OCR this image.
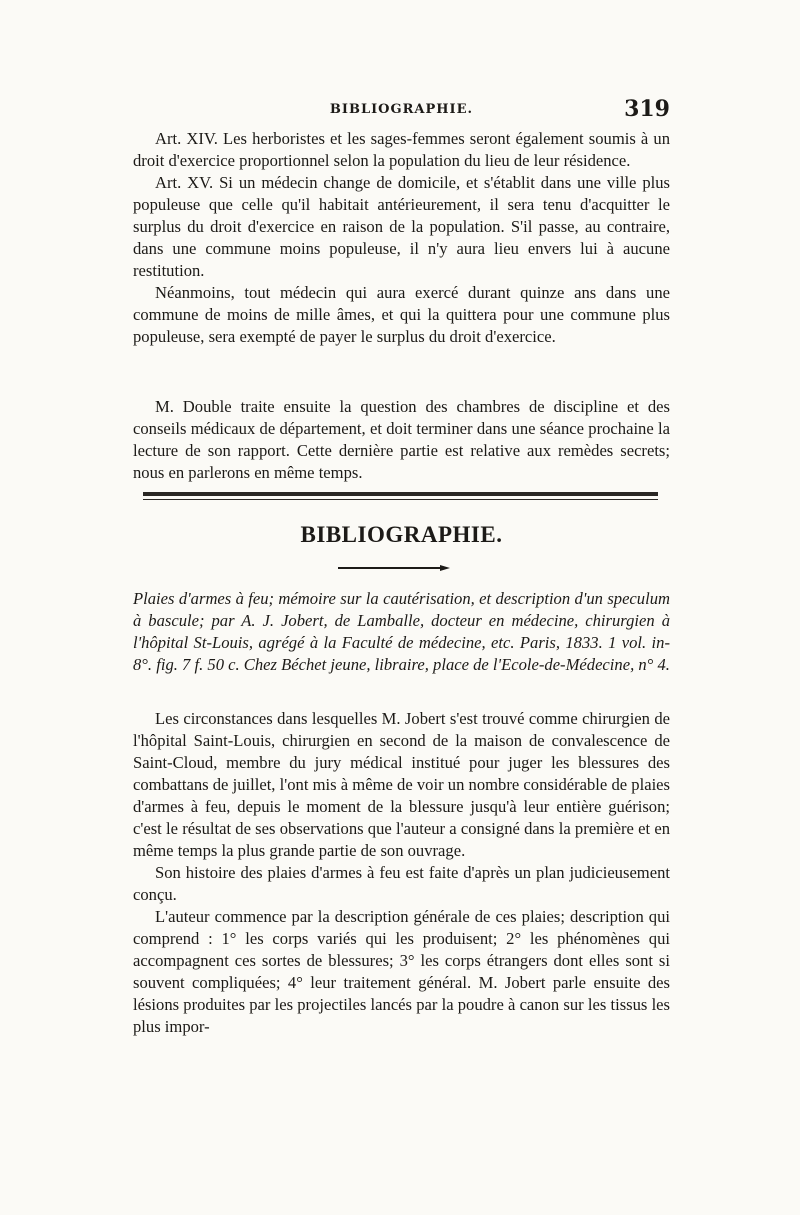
BIBLIOGRAPHIE.	319

Art. XIV. Les herboristes et les sages-femmes seront également soumis à un droit d'exercice proportionnel selon la population du lieu de leur résidence.

Art. XV. Si un médecin change de domicile, et s'établit dans une ville plus populeuse que celle qu'il habitait antérieurement, il sera tenu d'acquitter le surplus du droit d'exercice en raison de la population. S'il passe, au contraire, dans une commune moins populeuse, il n'y aura lieu envers lui à aucune restitution.

Néanmoins, tout médecin qui aura exercé durant quinze ans dans une commune de moins de mille âmes, et qui la quittera pour une commune plus populeuse, sera exempté de payer le surplus du droit d'exercice.

M. Double traite ensuite la question des chambres de discipline et des conseils médicaux de département, et doit terminer dans une séance prochaine la lecture de son rapport. Cette dernière partie est relative aux remèdes secrets; nous en parlerons en même temps.

BIBLIOGRAPHIE.
Plaies d'armes à feu; mémoire sur la cautérisation, et description d'un speculum à bascule; par A. J. Jobert, de Lamballe, docteur en médecine, chirurgien à l'hôpital St-Louis, agrégé à la Faculté de médecine, etc. Paris, 1833. 1 vol. in-8°. fig. 7 f. 50 c. Chez Béchet jeune, libraire, place de l'Ecole-de-Médecine, n° 4.

Les circonstances dans lesquelles M. Jobert s'est trouvé comme chirurgien de l'hôpital Saint-Louis, chirurgien en second de la maison de convalescence de Saint-Cloud, membre du jury médical institué pour juger les blessures des combattans de juillet, l'ont mis à même de voir un nombre considérable de plaies d'armes à feu, depuis le moment de la blessure jusqu'à leur entière guérison; c'est le résultat de ses observations que l'auteur a consigné dans la première et en même temps la plus grande partie de son ouvrage.

Son histoire des plaies d'armes à feu est faite d'après un plan judicieusement conçu.

L'auteur commence par la description générale de ces plaies; description qui comprend : 1° les corps variés qui les produisent; 2° les phénomènes qui accompagnent ces sortes de blessures; 3° les corps étrangers dont elles sont si souvent compliquées; 4° leur traitement général. M. Jobert parle ensuite des lésions produites par les projectiles lancés par la poudre à canon sur les tissus les plus impor-
